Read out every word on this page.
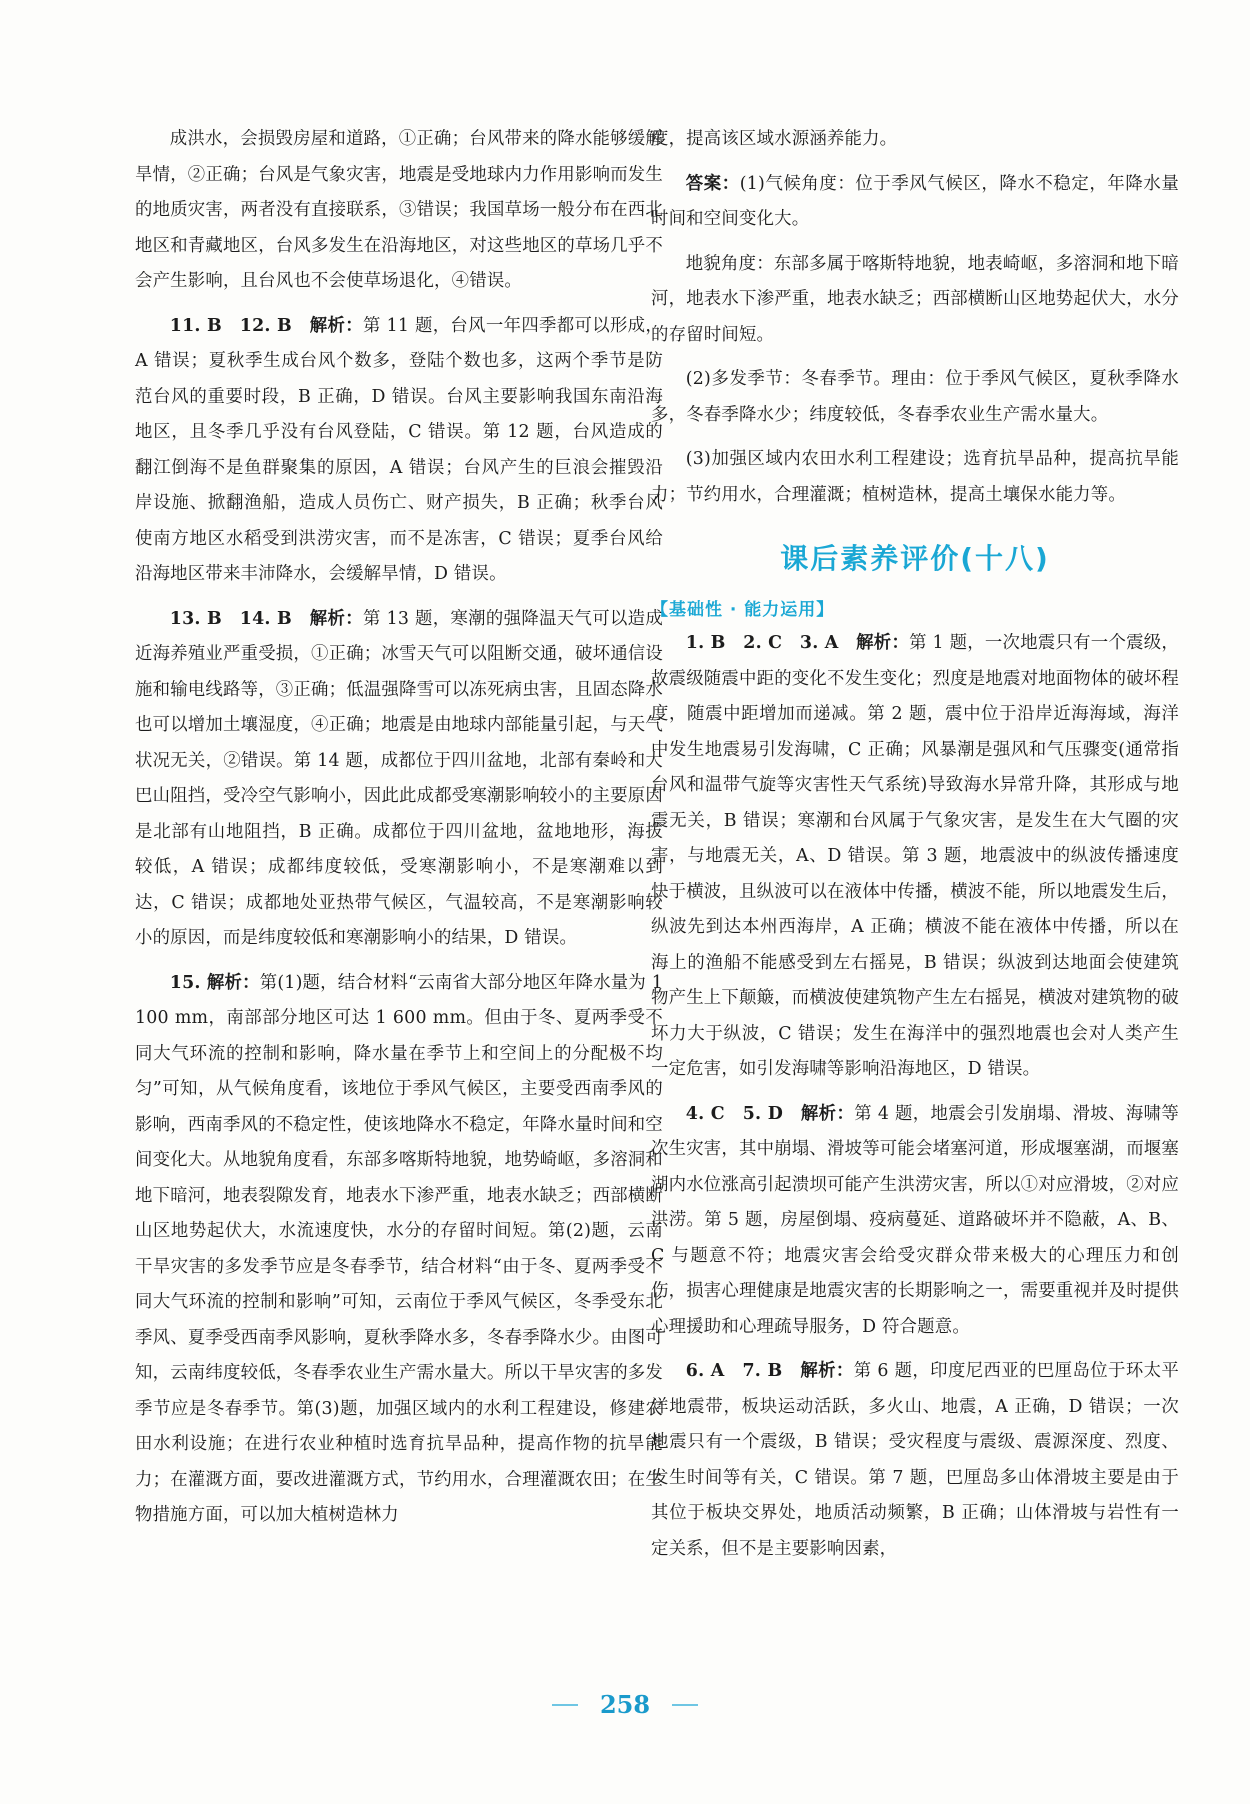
成洪水，会损毁房屋和道路，①正确；台风带来的降水能够缓解旱情，②正确；台风是气象灾害，地震是受地球内力作用影响而发生的地质灾害，两者没有直接联系，③错误；我国草场一般分布在西北地区和青藏地区，台风多发生在沿海地区，对这些地区的草场几乎不会产生影响，且台风也不会使草场退化，④错误。

11. B　12. B　解析：第 11 题，台风一年四季都可以形成，A 错误；夏秋季生成台风个数多，登陆个数也多，这两个季节是防范台风的重要时段，B 正确，D 错误。台风主要影响我国东南沿海地区，且冬季几乎没有台风登陆，C 错误。第 12 题，台风造成的翻江倒海不是鱼群聚集的原因，A 错误；台风产生的巨浪会摧毁沿岸设施、掀翻渔船，造成人员伤亡、财产损失，B 正确；秋季台风使南方地区水稻受到洪涝灾害，而不是冻害，C 错误；夏季台风给沿海地区带来丰沛降水，会缓解旱情，D 错误。

13. B　14. B　解析：第 13 题，寒潮的强降温天气可以造成近海养殖业严重受损，①正确；冰雪天气可以阻断交通，破坏通信设施和输电线路等，③正确；低温强降雪可以冻死病虫害，且固态降水也可以增加土壤湿度，④正确；地震是由地球内部能量引起，与天气状况无关，②错误。第 14 题，成都位于四川盆地，北部有秦岭和大巴山阻挡，受冷空气影响小，因此此成都受寒潮影响较小的主要原因是北部有山地阻挡，B 正确。成都位于四川盆地，盆地地形，海拔较低，A 错误；成都纬度较低，受寒潮影响小，不是寒潮难以到达，C 错误；成都地处亚热带气候区，气温较高，不是寒潮影响较小的原因，而是纬度较低和寒潮影响小的结果，D 错误。

15. 解析：第(1)题，结合材料“云南省大部分地区年降水量为 1 100 mm，南部部分地区可达 1 600 mm。但由于冬、夏两季受不同大气环流的控制和影响，降水量在季节上和空间上的分配极不均匀”可知，从气候角度看，该地位于季风气候区，主要受西南季风的影响，西南季风的不稳定性，使该地降水不稳定，年降水量时间和空间变化大。从地貌角度看，东部多喀斯特地貌，地势崎岖，多溶洞和地下暗河，地表裂隙发育，地表水下渗严重，地表水缺乏；西部横断山区地势起伏大，水流速度快，水分的存留时间短。第(2)题，云南干旱灾害的多发季节应是冬春季节，结合材料“由于冬、夏两季受不同大气环流的控制和影响”可知，云南位于季风气候区，冬季受东北季风、夏季受西南季风影响，夏秋季降水多，冬春季降水少。由图可知，云南纬度较低，冬春季农业生产需水量大。所以干旱灾害的多发季节应是冬春季节。第(3)题，加强区域内的水利工程建设，修建农田水利设施；在进行农业种植时选育抗旱品种，提高作物的抗旱能力；在灌溉方面，要改进灌溉方式，节约用水，合理灌溉农田；在生物措施方面，可以加大植树造林力

度，提高该区域水源涵养能力。

答案：(1)气候角度：位于季风气候区，降水不稳定，年降水量时间和空间变化大。

地貌角度：东部多属于喀斯特地貌，地表崎岖，多溶洞和地下暗河，地表水下渗严重，地表水缺乏；西部横断山区地势起伏大，水分的存留时间短。

(2)多发季节：冬春季节。理由：位于季风气候区，夏秋季降水多，冬春季降水少；纬度较低，冬春季农业生产需水量大。

(3)加强区域内农田水利工程建设；选育抗旱品种，提高抗旱能力；节约用水，合理灌溉；植树造林，提高土壤保水能力等。

课后素养评价(十八)
【基础性 · 能力运用】

1. B　2. C　3. A　解析：第 1 题，一次地震只有一个震级，故震级随震中距的变化不发生变化；烈度是地震对地面物体的破坏程度，随震中距增加而递减。第 2 题，震中位于沿岸近海海域，海洋中发生地震易引发海啸，C 正确；风暴潮是强风和气压骤变(通常指台风和温带气旋等灾害性天气系统)导致海水异常升降，其形成与地震无关，B 错误；寒潮和台风属于气象灾害，是发生在大气圈的灾害，与地震无关，A、D 错误。第 3 题，地震波中的纵波传播速度快于横波，且纵波可以在液体中传播，横波不能，所以地震发生后，纵波先到达本州西海岸，A 正确；横波不能在液体中传播，所以在海上的渔船不能感受到左右摇晃，B 错误；纵波到达地面会使建筑物产生上下颠簸，而横波使建筑物产生左右摇晃，横波对建筑物的破坏力大于纵波，C 错误；发生在海洋中的强烈地震也会对人类产生一定危害，如引发海啸等影响沿海地区，D 错误。

4. C　5. D　解析：第 4 题，地震会引发崩塌、滑坡、海啸等次生灾害，其中崩塌、滑坡等可能会堵塞河道，形成堰塞湖，而堰塞湖内水位涨高引起溃坝可能产生洪涝灾害，所以①对应滑坡，②对应洪涝。第 5 题，房屋倒塌、疫病蔓延、道路破坏并不隐蔽，A、B、C 与题意不符；地震灾害会给受灾群众带来极大的心理压力和创伤，损害心理健康是地震灾害的长期影响之一，需要重视并及时提供心理援助和心理疏导服务，D 符合题意。

6. A　7. B　解析：第 6 题，印度尼西亚的巴厘岛位于环太平洋地震带，板块运动活跃，多火山、地震，A 正确，D 错误；一次地震只有一个震级，B 错误；受灾程度与震级、震源深度、烈度、发生时间等有关，C 错误。第 7 题，巴厘岛多山体滑坡主要是由于其位于板块交界处，地质活动频繁，B 正确；山体滑坡与岩性有一定关系，但不是主要影响因素，

258
